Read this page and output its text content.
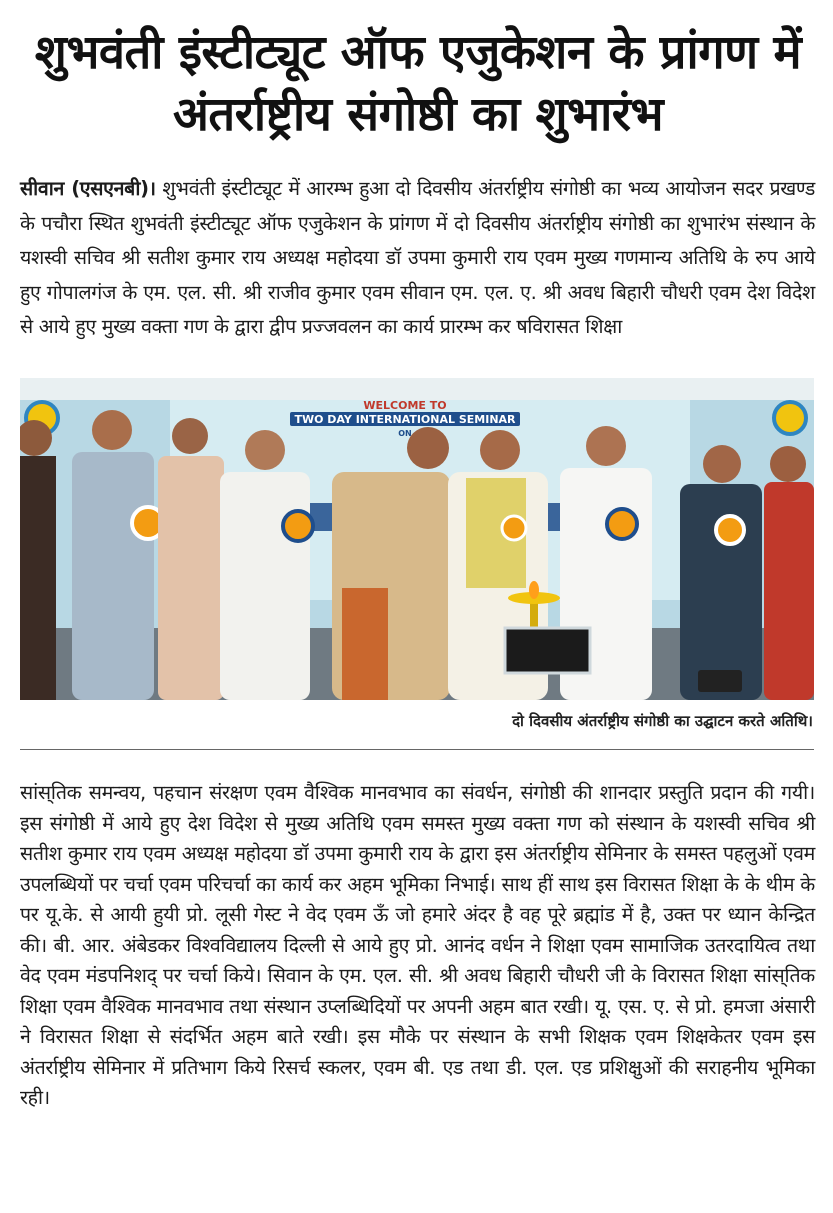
शुभवंती इंस्टीट्यूट ऑफ एजुकेशन के प्रांगण में अंतर्राष्ट्रीय संगोष्ठी का शुभारंभ

सीवान (एसएनबी)। शुभवंती इंस्टीट्यूट में आरम्भ हुआ दो दिवसीय अंतर्राष्ट्रीय संगोष्ठी का भव्य आयोजन सदर प्रखण्ड के पचौरा स्थित शुभवंती इंस्टीट्यूट ऑफ एजुकेशन के प्रांगण में दो दिवसीय अंतर्राष्ट्रीय संगोष्ठी का शुभारंभ संस्थान के यशस्वी सचिव श्री सतीश कुमार राय अध्यक्ष महोदया डॉ उपमा कुमारी राय एवम मुख्य गणमान्य अतिथि के रुप आये हुए गोपालगंज के एम. एल. सी. श्री राजीव कुमार एवम सीवान एम. एल. ए. श्री अवध बिहारी चौधरी एवम देश विदेश से आये हुए मुख्य वक्ता गण के द्वारा द्वीप प्रज्जवलन का कार्य प्रारम्भ कर षविरासत शिक्षा

WELCOME TO
TWO DAY INTERNATIONAL SEMINAR
ON

दो दिवसीय अंतर्राष्ट्रीय संगोष्ठी का उद्घाटन करते अतिथि।

सांस्‌तिक समन्वय, पहचान संरक्षण एवम वैश्विक मानवभाव का संवर्धन, संगोष्ठी की शानदार प्रस्तुति प्रदान की गयी। इस संगोष्ठी में आये हुए देश विदेश से मुख्य अतिथि एवम समस्त मुख्य वक्ता गण को संस्थान के यशस्वी सचिव श्री सतीश कुमार राय एवम अध्यक्ष महोदया डॉ उपमा कुमारी राय के द्वारा इस अंतर्राष्ट्रीय सेमिनार के समस्त पहलुओं एवम उपलब्धियों पर चर्चा एवम परिचर्चा का कार्य कर अहम भूमिका निभाई। साथ हीं साथ इस विरासत शिक्षा के के थीम के पर यू.के. से आयी हुयी प्रो. लूसी गेस्ट ने वेद एवम ऊँ जो हमारे अंदर है वह पूरे ब्रह्मांड में है, उक्त पर ध्यान केन्द्रित की। बी. आर. अंबेडकर विश्वविद्यालय दिल्ली से आये हुए प्रो. आनंद वर्धन ने शिक्षा एवम सामाजिक उतरदायित्व तथा वेद एवम मंडपनिशद् पर चर्चा किये। सिवान के एम. एल. सी. श्री अवध बिहारी चौधरी जी के विरासत शिक्षा सांस्‌तिक शिक्षा एवम वैश्विक मानवभाव तथा संस्थान उप्लब्धिदियों पर अपनी अहम बात रखी। यू. एस. ए. से प्रो. हमजा अंसारी ने विरासत शिक्षा से संदर्भित अहम बाते रखी। इस मौके पर संस्थान के सभी शिक्षक एवम शिक्षकेतर एवम इस अंतर्राष्ट्रीय सेमिनार में प्रतिभाग किये रिसर्च स्कलर, एवम बी. एड तथा डी. एल. एड प्रशिक्षुओं की सराहनीय भूमिका रही।
